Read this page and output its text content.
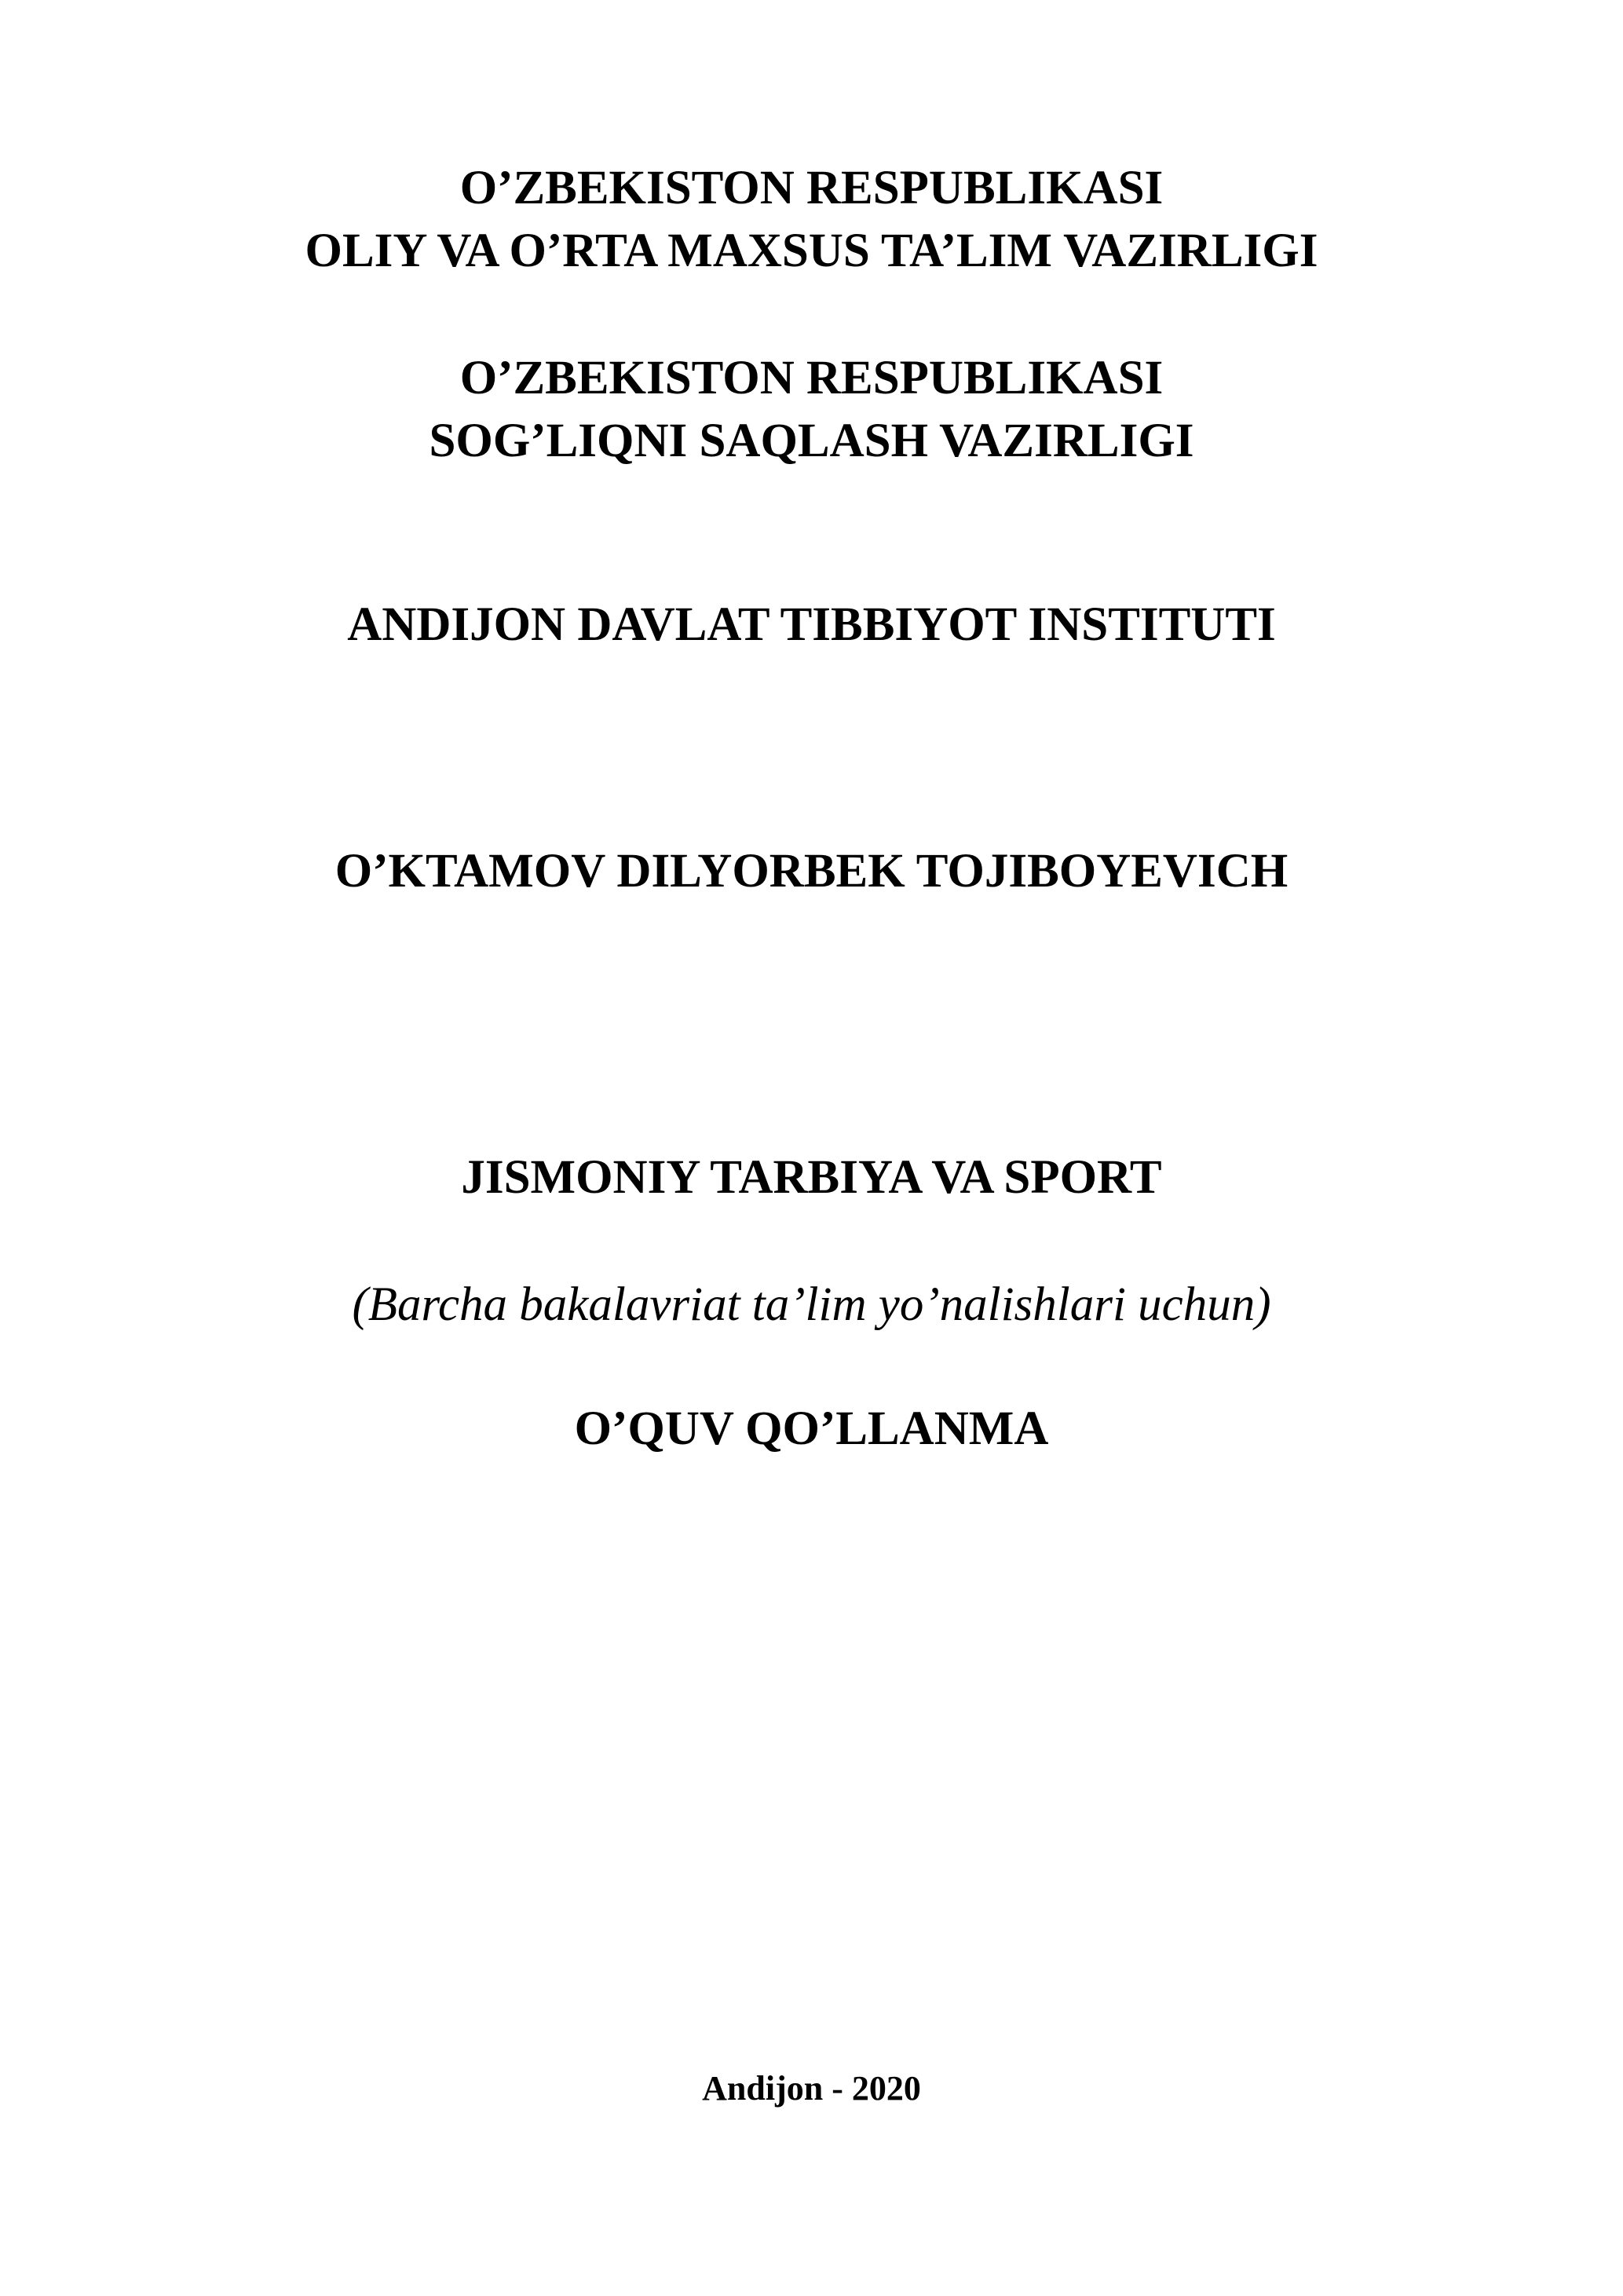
O’ZBEKISTON RESPUBLIKASI
OLIY VA O’RTA MAXSUS TA’LIM VAZIRLIGI
O’ZBEKISTON RESPUBLIKASI
SOG’LIQNI SAQLASH VAZIRLIGI
ANDIJON DAVLAT TIBBIYOT INSTITUTI
O’KTAMOV DILYORBEK TOJIBOYEVICH
JISMONIY TARBIYA VA SPORT
(Barcha bakalavriat ta’lim yo’nalishlari uchun)
O’QUV QO’LLANMA
Andijon - 2020
